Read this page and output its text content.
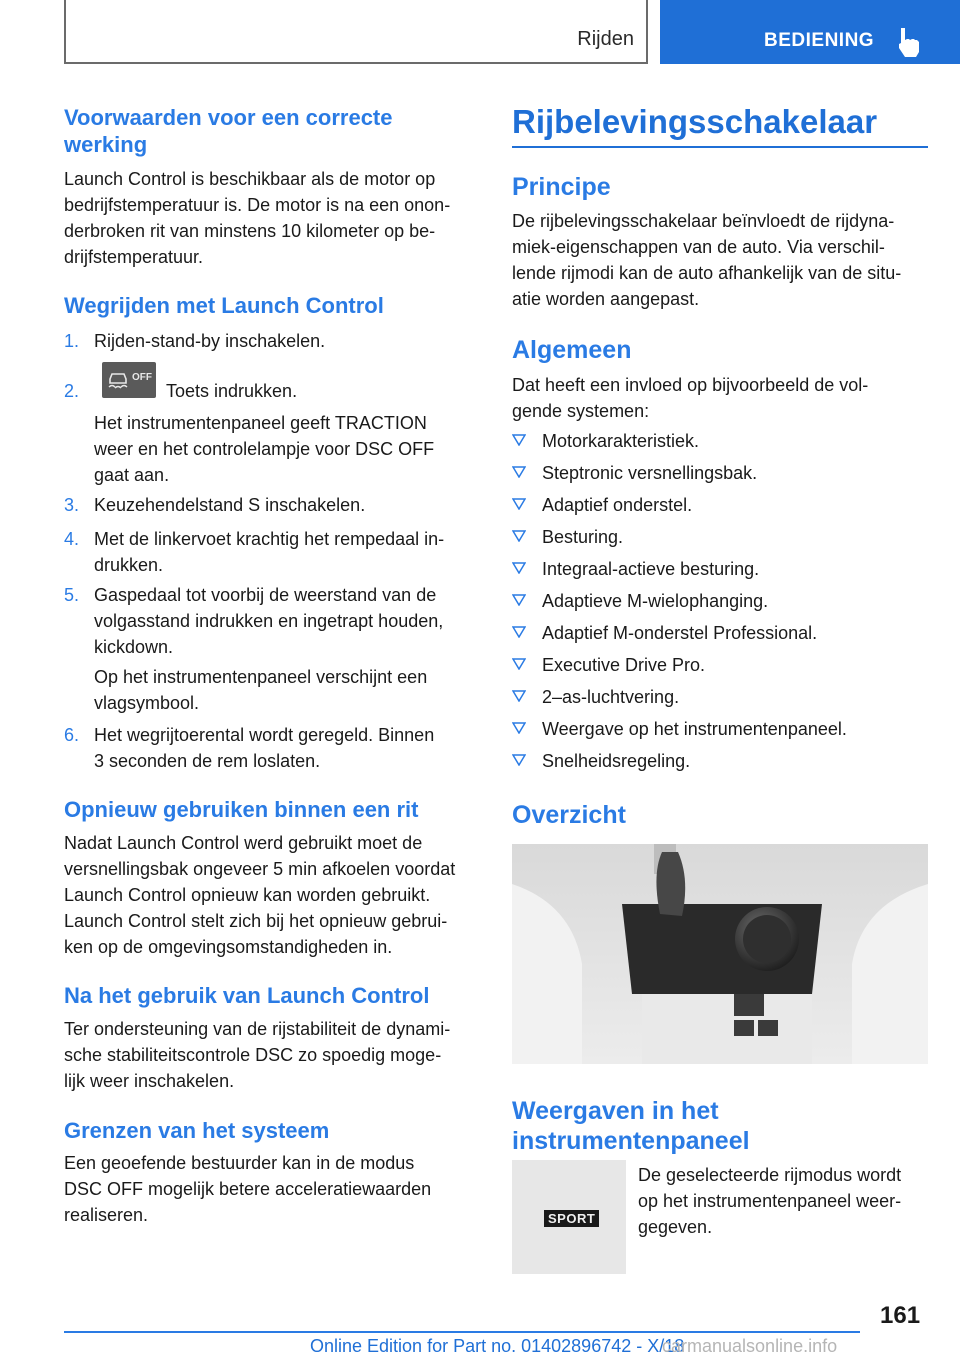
Rijden	BEDIENING
Voorwaarden voor een correcte
werking
Launch Control is beschikbaar als de motor op
bedrijfstemperatuur is. De motor is na een onon-
derbroken rit van minstens 10 kilometer op be-
drijfstemperatuur.
Wegrijden met Launch Control
1. Rijden-stand-by inschakelen.
2.	Toets indrukken.
Het instrumentenpaneel geeft TRACTION
weer en het controlelampje voor DSC OFF
gaat aan.
3. Keuzehendelstand S inschakelen.
4. Met de linkervoet krachtig het rempedaal in-
drukken.
5. Gaspedaal tot voorbij de weerstand van de
volgasstand indrukken en ingetrapt houden,
kickdown.
Op het instrumentenpaneel verschijnt een
vlagsymbool.
6. Het wegrijtoerental wordt geregeld. Binnen
3 seconden de rem loslaten.
Opnieuw gebruiken binnen een rit
Nadat Launch Control werd gebruikt moet de
versnellingsbak ongeveer 5 min afkoelen voordat
Launch Control opnieuw kan worden gebruikt.
Launch Control stelt zich bij het opnieuw gebrui-
ken op de omgevingsomstandigheden in.
Na het gebruik van Launch Control
Ter ondersteuning van de rijstabiliteit de dynami-
sche stabiliteitscontrole DSC zo spoedig moge-
lijk weer inschakelen.
Grenzen van het systeem
Een geoefende bestuurder kan in de modus
DSC OFF mogelijk betere acceleratiewaarden
realiseren.
OFF
Rijbelevingsschakelaar
Principe
De rijbelevingsschakelaar beïnvloedt de rijdyna-
miek-eigenschappen van de auto. Via verschil-
lende rijmodi kan de auto afhankelijk van de situ-
atie worden aangepast.
Algemeen
Dat heeft een invloed op bijvoorbeeld de vol-
gende systemen:
Motorkarakteristiek.
Steptronic versnellingsbak.
Adaptief onderstel.
Besturing.
Integraal-actieve besturing.
Adaptieve M-wielophanging.
Adaptief M-onderstel Professional.
Executive Drive Pro.
2–as-luchtvering.
Weergave op het instrumentenpaneel.
Snelheidsregeling.
Overzicht
Weergaven in het
instrumentenpaneel
De geselecteerde rijmodus wordt
op het instrumentenpaneel weer-
gegeven.
SPORT
161
Online Edition for Part no. 01402896742 - X/18
carmanualsonline.info
